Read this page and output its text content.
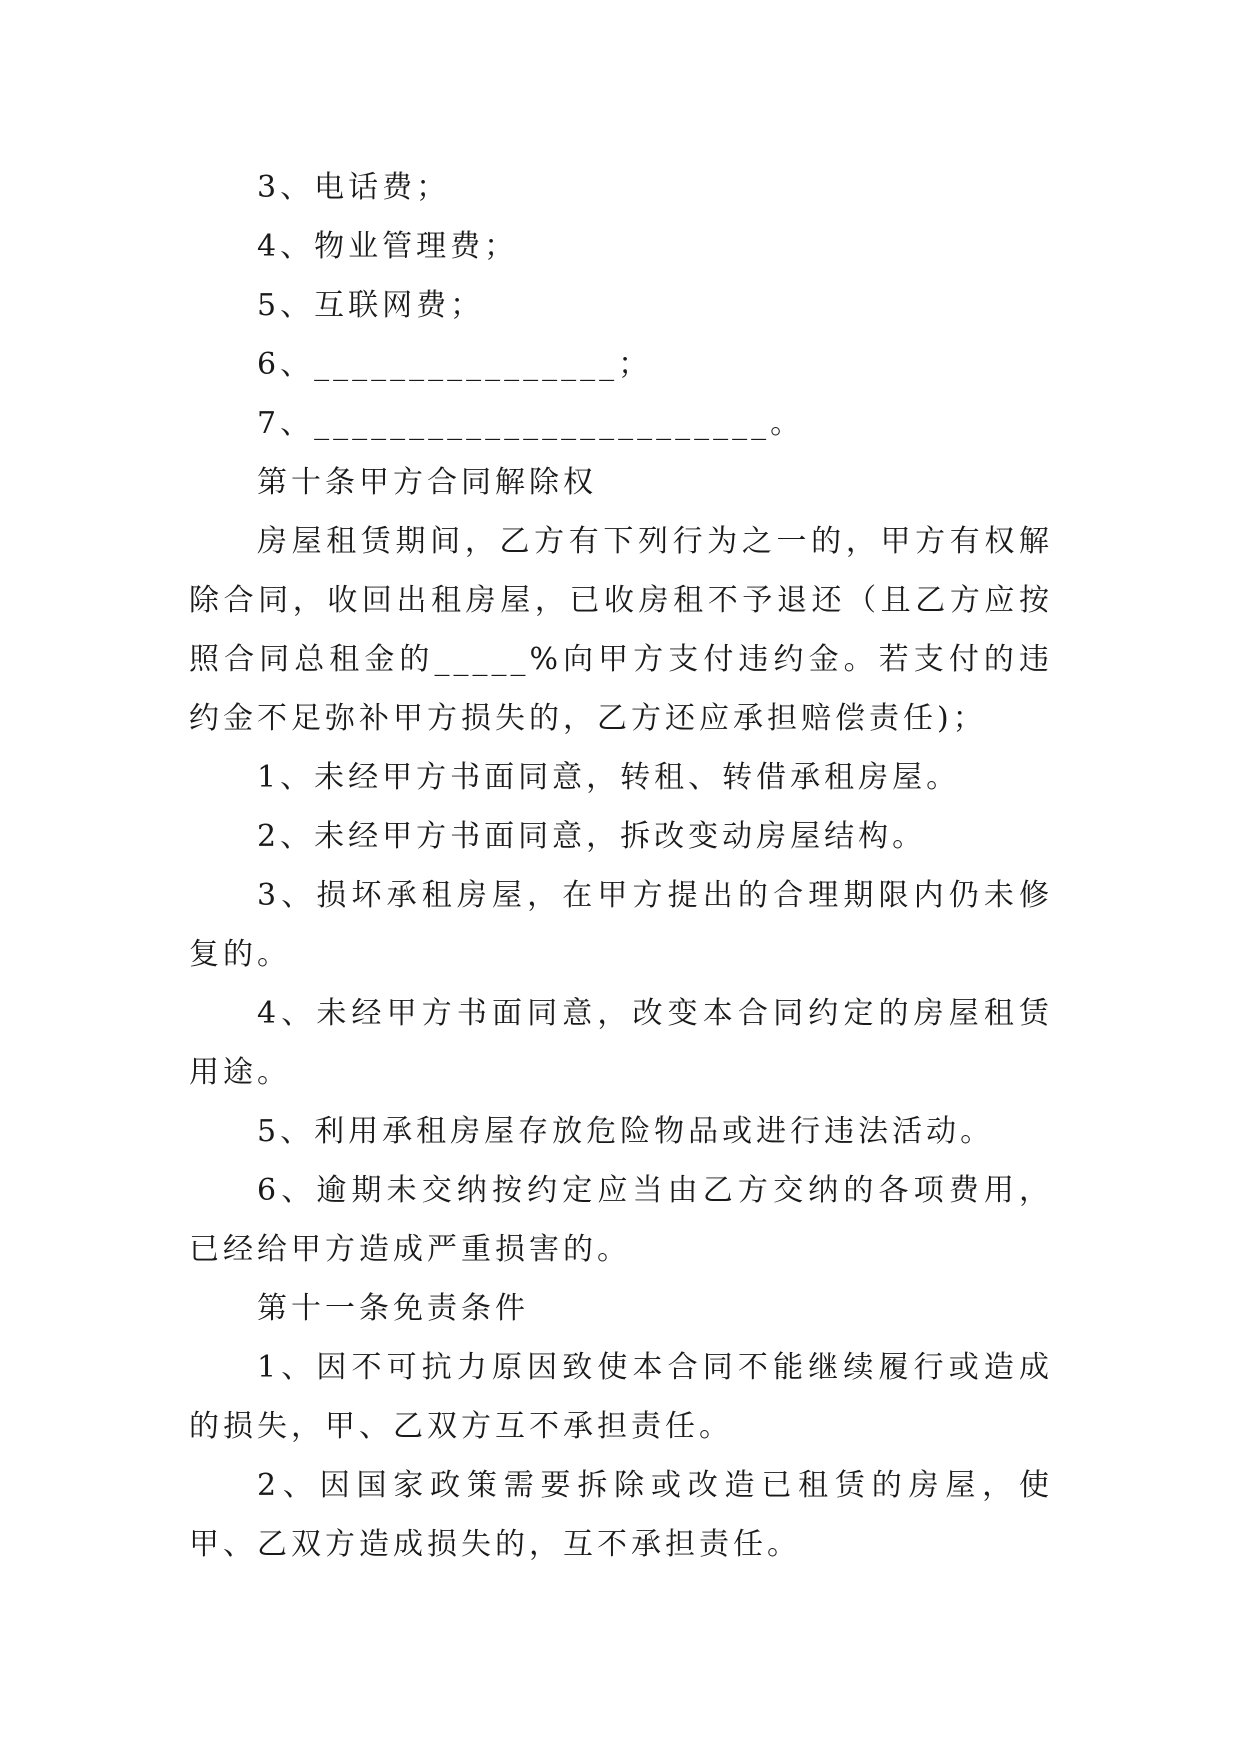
3、电话费；

4、物业管理费；

5、互联网费；

6、________________；

7、________________________。

第十条甲方合同解除权

房屋租赁期间，乙方有下列行为之一的，甲方有权解除合同，收回出租房屋，已收房租不予退还（且乙方应按照合同总租金的_____%向甲方支付违约金。若支付的违约金不足弥补甲方损失的，乙方还应承担赔偿责任)；

1、未经甲方书面同意，转租、转借承租房屋。

2、未经甲方书面同意，拆改变动房屋结构。

3、损坏承租房屋，在甲方提出的合理期限内仍未修复的。

4、未经甲方书面同意，改变本合同约定的房屋租赁用途。

5、利用承租房屋存放危险物品或进行违法活动。

6、逾期未交纳按约定应当由乙方交纳的各项费用，已经给甲方造成严重损害的。

第十一条免责条件

1、因不可抗力原因致使本合同不能继续履行或造成的损失，甲、乙双方互不承担责任。

2、因国家政策需要拆除或改造已租赁的房屋，使甲、乙双方造成损失的，互不承担责任。
